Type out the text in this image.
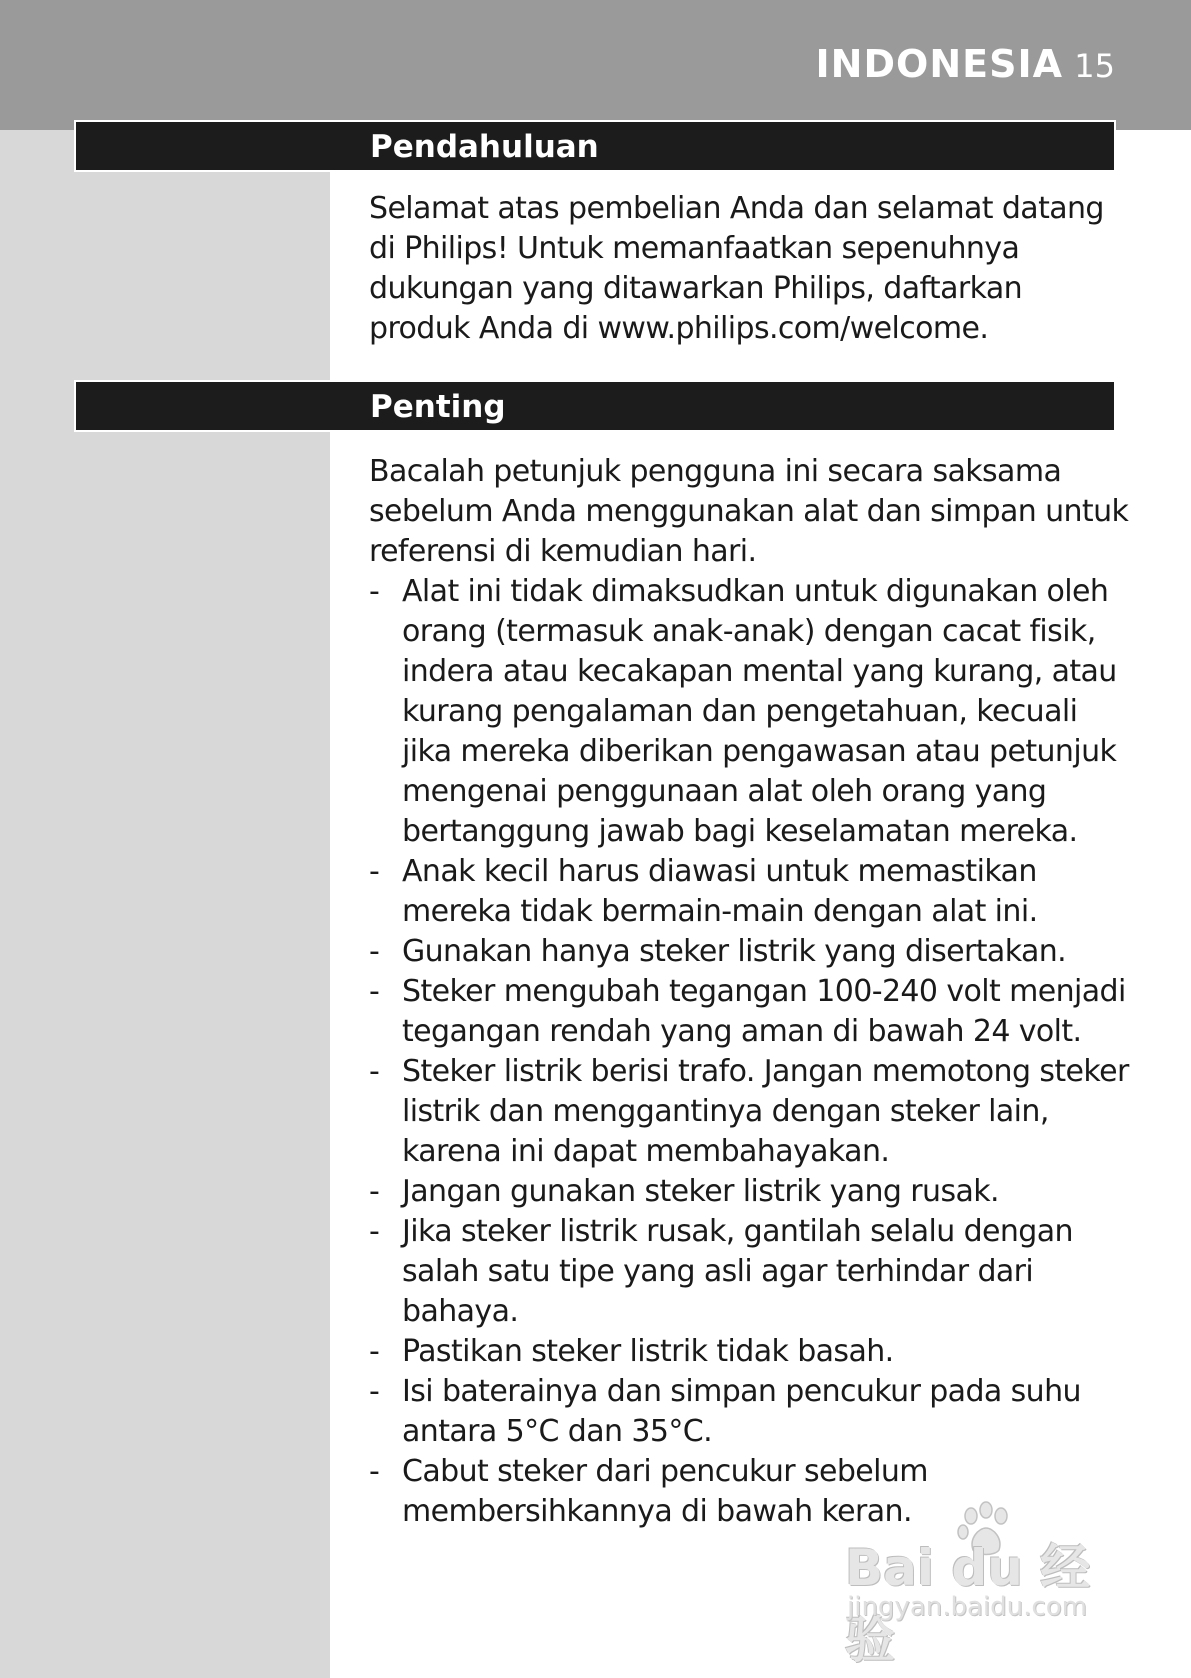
INDONESIA 15
Pendahuluan

Selamat atas pembelian Anda dan selamat datang di Philips! Untuk memanfaatkan sepenuhnya dukungan yang ditawarkan Philips, daftarkan produk Anda di www.philips.com/welcome.

Penting

Bacalah petunjuk pengguna ini secara saksama sebelum Anda menggunakan alat dan simpan untuk referensi di kemudian hari.

- Alat ini tidak dimaksudkan untuk digunakan oleh orang (termasuk anak-anak) dengan cacat fisik, indera atau kecakapan mental yang kurang, atau kurang pengalaman dan pengetahuan, kecuali jika mereka diberikan pengawasan atau petunjuk mengenai penggunaan alat oleh orang yang bertanggung jawab bagi keselamatan mereka.
- Anak kecil harus diawasi untuk memastikan mereka tidak bermain-main dengan alat ini.
- Gunakan hanya steker listrik yang disertakan.
- Steker mengubah tegangan 100-240 volt menjadi tegangan rendah yang aman di bawah 24 volt.
- Steker listrik berisi trafo. Jangan memotong steker listrik dan menggantinya dengan steker lain, karena ini dapat membahayakan.
- Jangan gunakan steker listrik yang rusak.
- Jika steker listrik rusak, gantilah selalu dengan salah satu tipe yang asli agar terhindar dari bahaya.
- Pastikan steker listrik tidak basah.
- Isi baterainya dan simpan pencukur pada suhu antara 5°C dan 35°C.
- Cabut steker dari pencukur sebelum membersihkannya di bawah keran.
Bai du 经验
jingyan.baidu.com
